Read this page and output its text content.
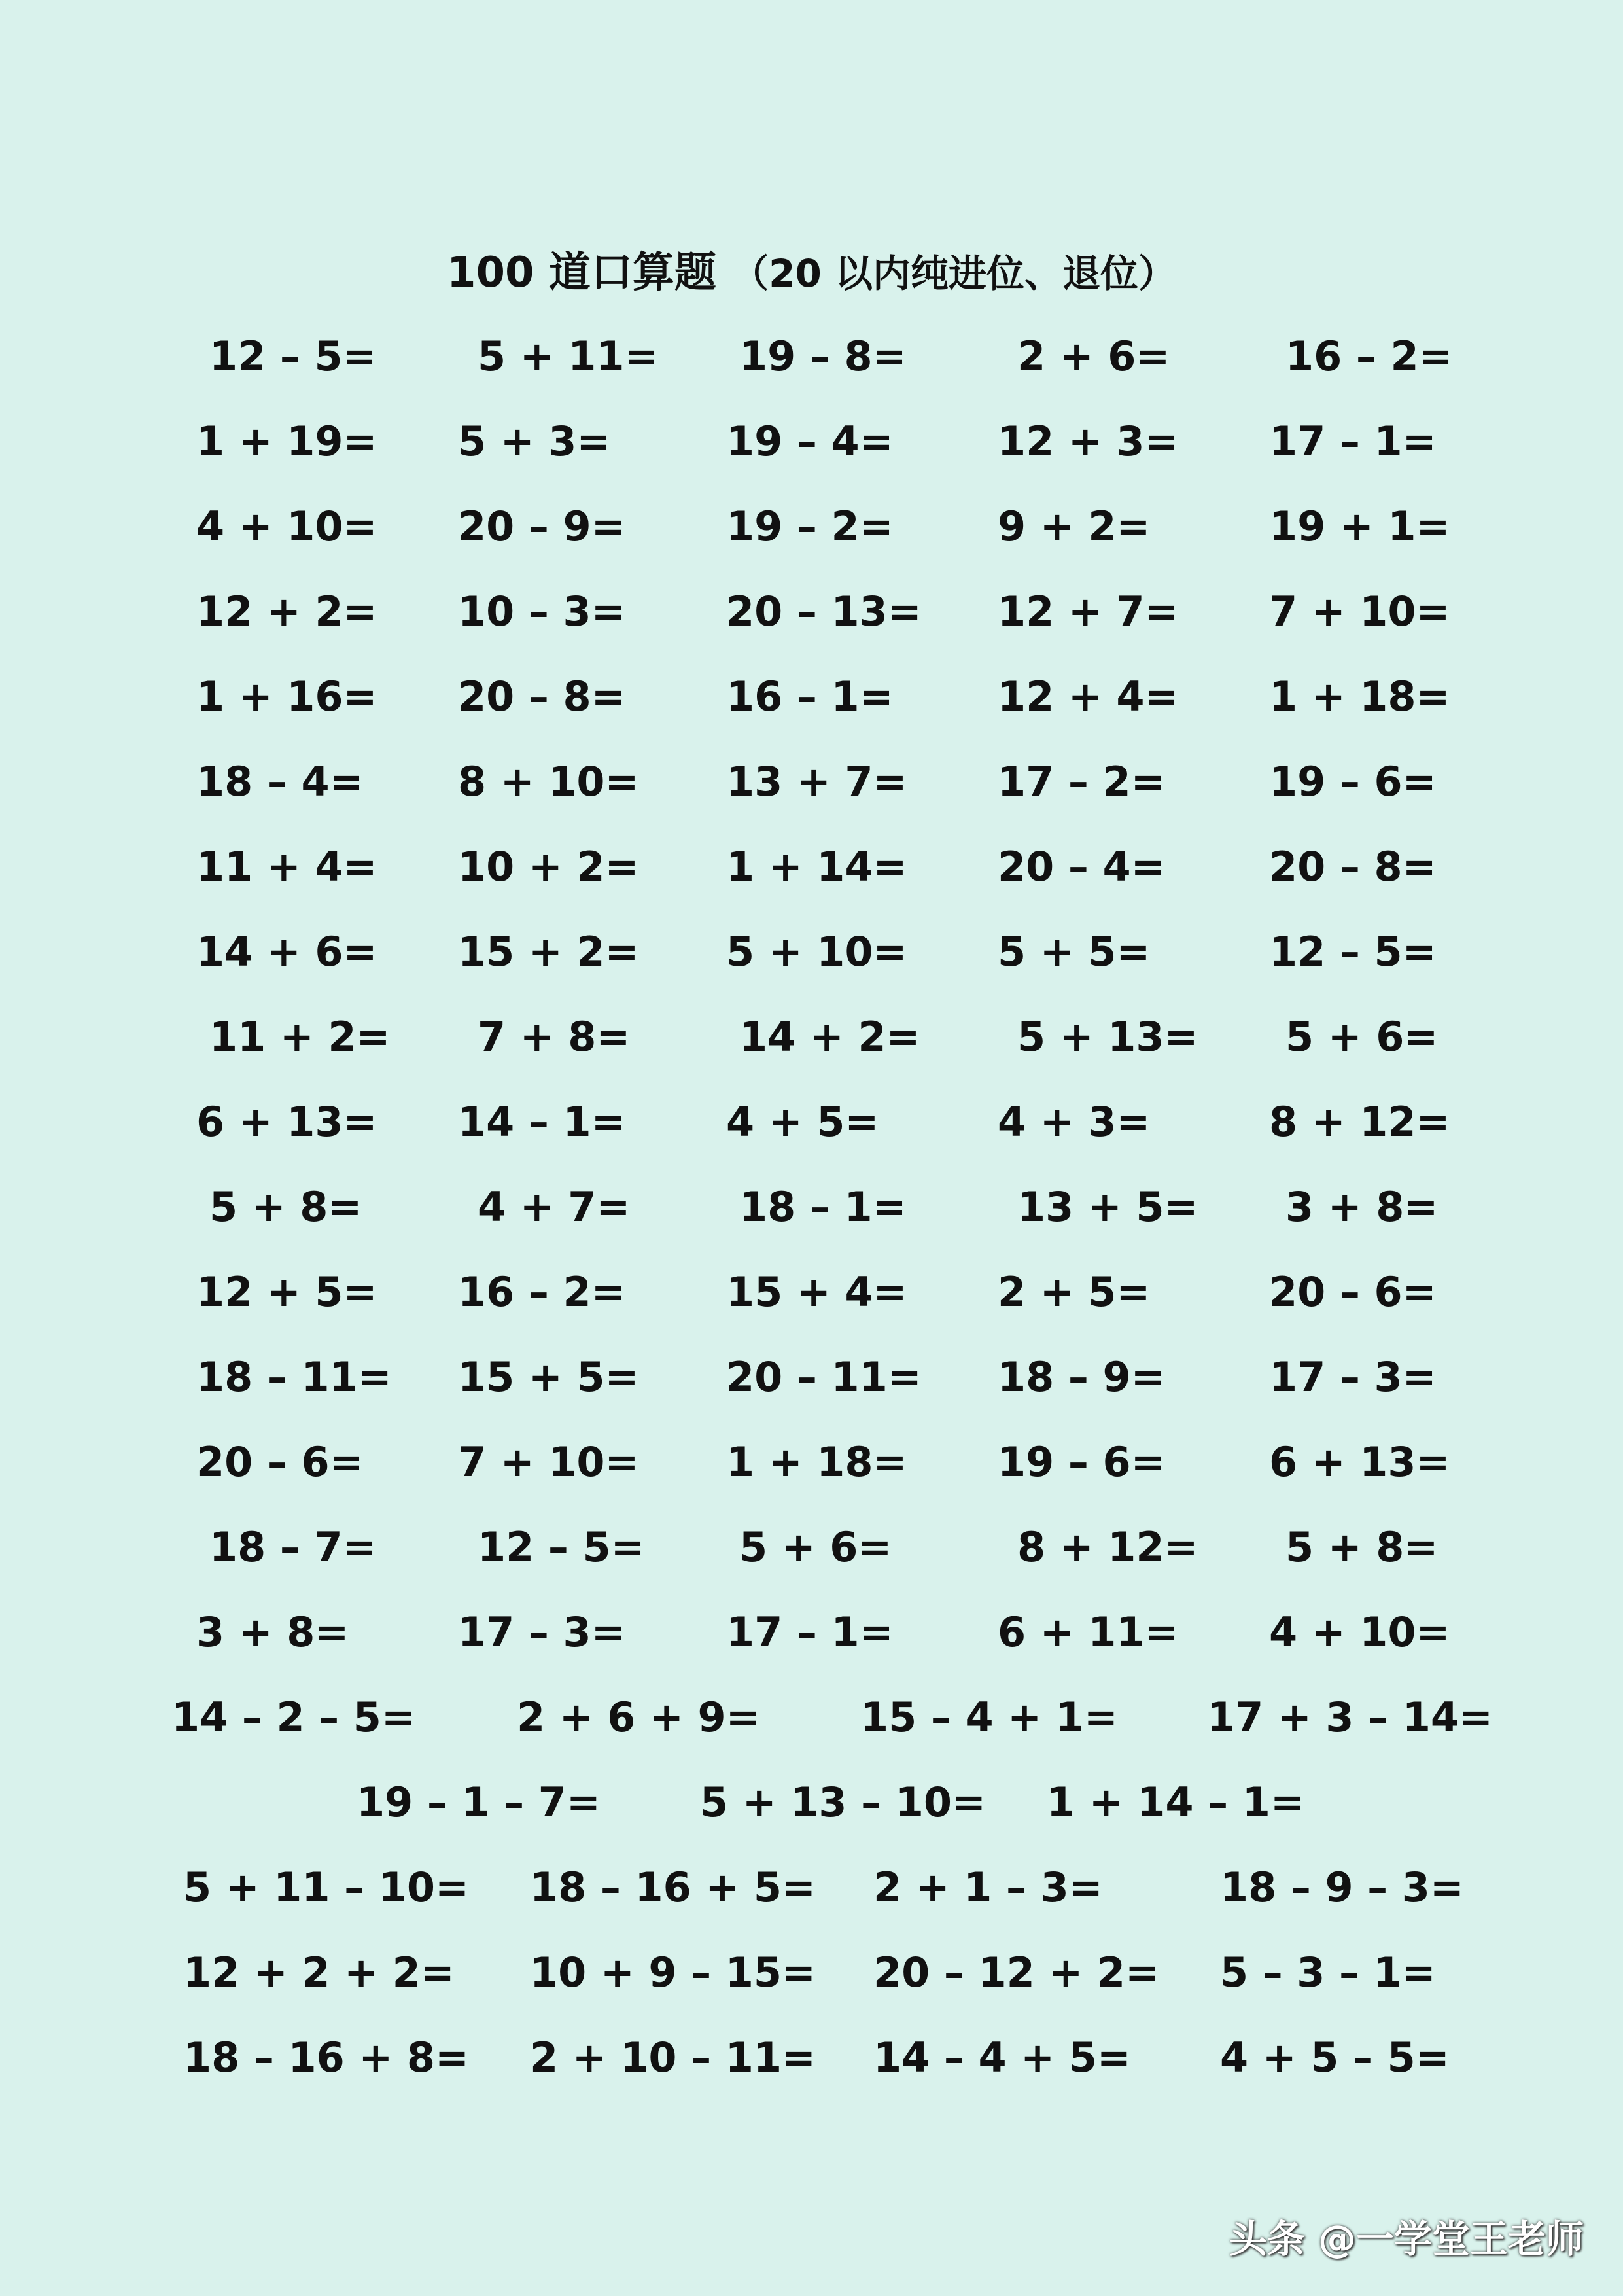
100 道口算题 （20 以内纯进位、退位）
12 – 5= 5 + 11= 19 – 8=	2 + 6=	16 – 2=
1 + 19= 5 + 3=	19 – 4=	12 + 3= 17 – 1=
4 + 10= 20 – 9= 19 – 2=	9 + 2=	19 + 1=
12 + 2= 10 – 3= 20 – 13= 12 + 7= 7 + 10=
1 + 16= 20 – 8= 16 – 1=	12 + 4= 1 + 18=
18 – 4= 8 + 10= 13 + 7= 17 – 2=	19 – 6=
11 + 4= 10 + 2= 1 + 14= 20 – 4=	20 – 8=
14 + 6= 15 + 2= 5 + 10= 5 + 5=	12 – 5=
11 + 2= 7 + 8=	14 + 2= 5 + 13= 5 + 6=
6 + 13= 14 – 1= 4 + 5=	4 + 3=	8 + 12=
5 + 8=	4 + 7=	18 – 1=	13 + 5= 3 + 8=
12 + 5= 16 – 2= 15 + 4= 2 + 5=	20 – 6=
18 – 11= 15 + 5= 20 – 11= 18 – 9=	17 – 3=
20 – 6= 7 + 10= 1 + 18= 19 – 6=	6 + 13=
18 – 7= 12 – 5= 5 + 6=	8 + 12= 5 + 8=
3 + 8=	17 – 3= 17 – 1=	6 + 11= 4 + 10=
14 – 2 – 5=	2 + 6 + 9= 15 – 4 + 1= 17 + 3 – 14=
19 – 1 – 7= 5 + 13 – 10= 1 + 14 – 1=
5 + 11 – 10= 18 – 16 + 5= 2 + 1 – 3=	18 – 9 – 3=
12 + 2 + 2= 10 + 9 – 15= 20 – 12 + 2= 5 – 3 – 1=
18 – 16 + 8= 2 + 10 – 11= 14 – 4 + 5= 4 + 5 – 5=
头条 @一学堂王老师
